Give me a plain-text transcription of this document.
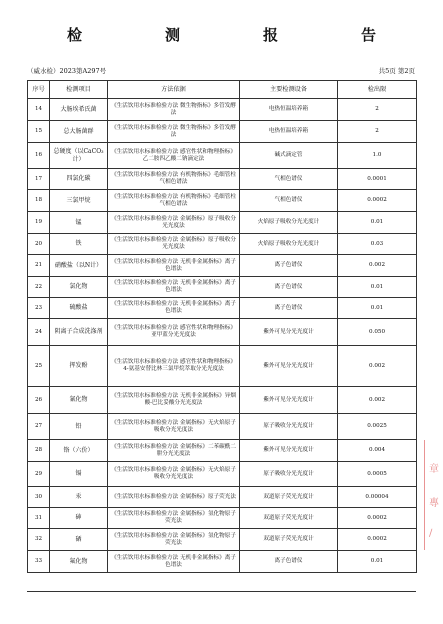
检　测　报　告
（威水检）2023第A297号	共5页 第2页
序号	检测项目	方法依据	主要检测设备	检出限
14	大肠埃希氏菌	《生活饮用水标准检验方法 微生物指标》多管发酵法	电热恒温培养箱	2
15	总大肠菌群	《生活饮用水标准检验方法 微生物指标》多管发酵法	电热恒温培养箱	2
16	总硬度（以CaCO₃计）	《生活饮用水标准检验方法 感官性状和物理指标》 乙二胺四乙酸二钠滴定法	碱式滴定管	1.0
17	四氯化碳	《生活饮用水标准检验方法 有机物指标》毛细管柱气相色谱法	气相色谱仪	0.0001
18	三氯甲烷	《生活饮用水标准检验方法 有机物指标》毛细管柱气相色谱法	气相色谱仪	0.0002
19	锰	《生活饮用水标准检验方法 金属指标》原子吸收分光光度法	火焰原子吸收分光光度计	0.01
20	铁	《生活饮用水标准检验方法 金属指标》原子吸收分光光度法	火焰原子吸收分光光度计	0.03
21	硝酸盐（以N计）	《生活饮用水标准检验方法 无机非金属指标》离子色谱法	离子色谱仪	0.002
22	氯化物	《生活饮用水标准检验方法 无机非金属指标》离子色谱法	离子色谱仪	0.01
23	硫酸盐	《生活饮用水标准检验方法 无机非金属指标》离子色谱法	离子色谱仪	0.01
24	阴离子合成洗涤剂	《生活饮用水标准检验方法 感官性状和物理指标》 亚甲蓝分光光度法	紫外可见分光光度计	0.050
25	挥发酚	《生活饮用水标准检验方法 感官性状和物理指标》 4-氨基安替比林三氯甲烷萃取分光光度法	紫外可见分光光度计	0.002
26	氰化物	《生活饮用水标准检验方法 无机非金属指标》异烟酸-巴比妥酸分光光度法	紫外可见分光光度计	0.002
27	铅	《生活饮用水标准检验方法 金属指标》无火焰原子吸收分光光度法	原子吸收分光光度计	0.0025
28	铬（六价）	《生活饮用水标准检验方法 金属指标》二苯碳酰二肼分光光度法	紫外可见分光光度计	0.004
29	镉	《生活饮用水标准检验方法 金属指标》无火焰原子吸收分光光度法	原子吸收分光光度计	0.0005
30	汞	《生活饮用水标准检验方法 金属指标》原子荧光法	双道原子荧光光度计	0.00004
31	砷	《生活饮用水标准检验方法 金属指标》氢化物原子荧光法	双道原子荧光光度计	0.0002
32	硒	《生活饮用水标准检验方法 金属指标》氢化物原子荧光法	双道原子荧光光度计	0.0002
33	氟化物	《生活饮用水标准检验方法 无机非金属指标》离子色谱法	离子色谱仪	0.01
章
專
∕
